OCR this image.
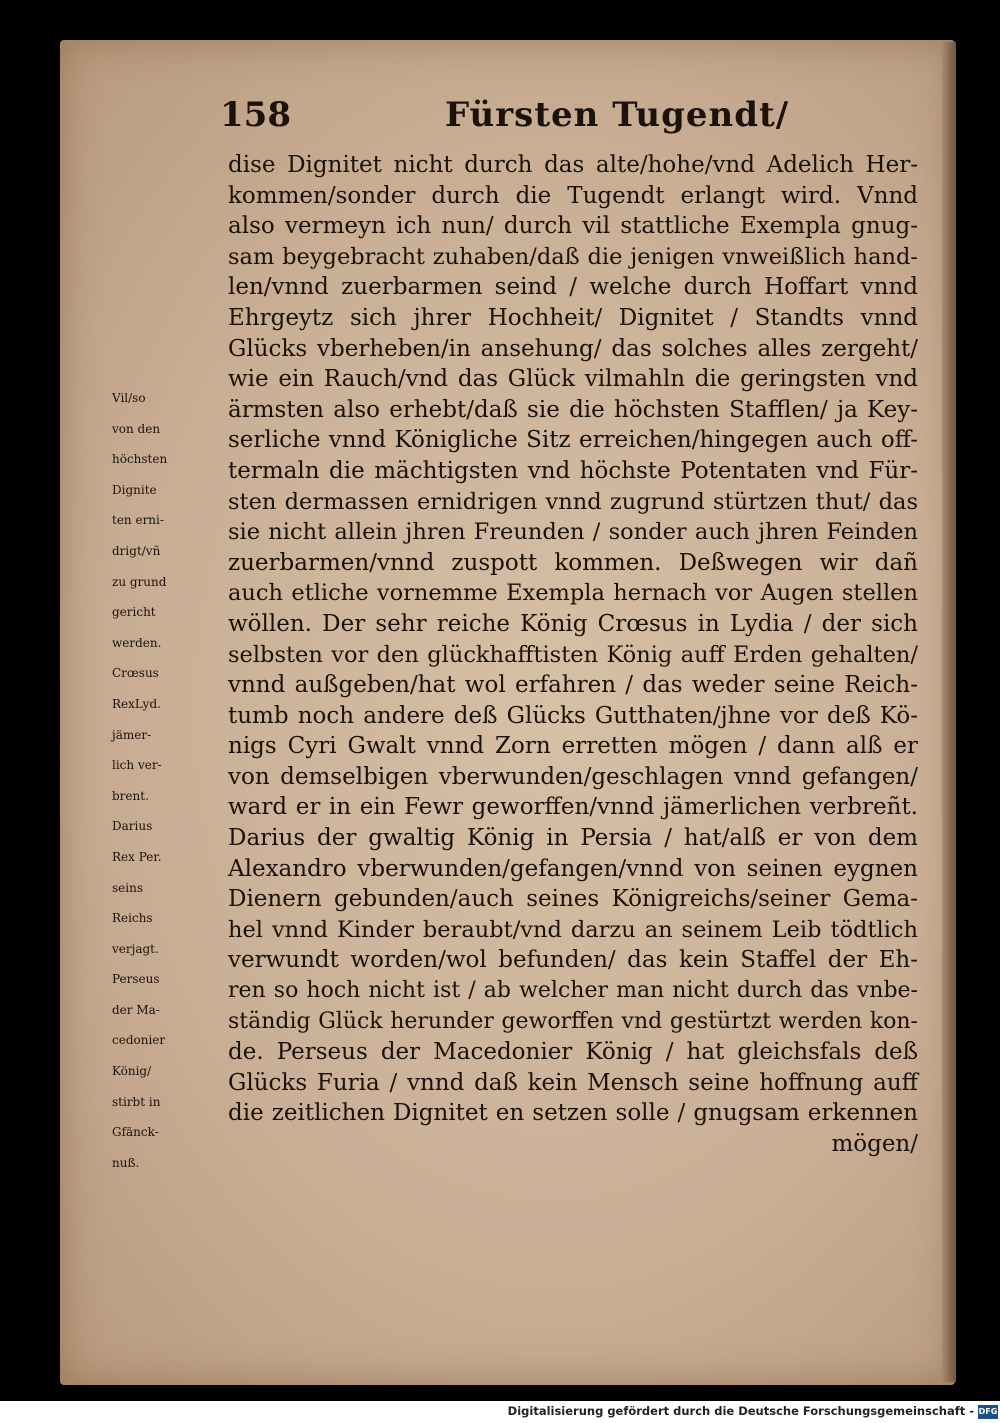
158	Fürsten Tugendt/
dise Dignitet nicht durch das alte/hohe/vnd Adelich Her-
kommen/sonder durch die Tugendt erlangt wird. Vnnd
also vermeyn ich nun/ durch vil stattliche Exempla gnug-
sam beygebracht zuhaben/daß die jenigen vnweißlich hand-
len/vnnd zuerbarmen seind / welche durch Hoffart vnnd
Ehrgeytz sich jhrer Hochheit/ Dignitet / Standts vnnd
Glücks vberheben/in ansehung/ das solches alles zergeht/
wie ein Rauch/vnd das Glück vilmahln die geringsten vnd
ärmsten also erhebt/daß sie die höchsten Stafflen/ ja Key-
serliche vnnd Königliche Sitz erreichen/hingegen auch off-
termaln die mächtigsten vnd höchste Potentaten vnd Für-
sten dermassen ernidrigen vnnd zugrund stürtzen thut/ das
sie nicht allein jhren Freunden / sonder auch jhren Feinden
zuerbarmen/vnnd zuspott kommen. Deßwegen wir dañ
auch etliche vornemme Exempla hernach vor Augen stellen
wöllen. Der sehr reiche König Crœsus in Lydia / der sich
selbsten vor den glückhafftisten König auff Erden gehalten/
vnnd außgeben/hat wol erfahren / das weder seine Reich-
tumb noch andere deß Glücks Gutthaten/jhne vor deß Kö-
nigs Cyri Gwalt vnnd Zorn erretten mögen / dann alß er
von demselbigen vberwunden/geschlagen vnnd gefangen/
ward er in ein Fewr geworffen/vnnd jämerlichen verbreñt.
Darius der gwaltig König in Persia / hat/alß er von dem
Alexandro vberwunden/gefangen/vnnd von seinen eygnen
Dienern gebunden/auch seines Königreichs/seiner Gema-
hel vnnd Kinder beraubt/vnd darzu an seinem Leib tödtlich
verwundt worden/wol befunden/ das kein Staffel der Eh-
ren so hoch nicht ist / ab welcher man nicht durch das vnbe-
ständig Glück herunder geworffen vnd gestürtzt werden kon-
de. Perseus der Macedonier König / hat gleichsfals deß
Glücks Furia / vnnd daß kein Mensch seine hoffnung auff
die zeitlichen Dignitet en setzen solle / gnugsam erkennen
mögen/
Vil/so
von den
höchsten
Dignite
ten erni-
drigt/vñ
zu grund
gericht
werden.
Crœsus
RexLyd.
jämer-
lich ver-
brent.
Darius
Rex Per.
seins
Reichs
verjagt.
Perseus
der Ma-
cedonier
König/
stirbt in
Gfänck-
nuß.
Digitalisierung gefördert durch die Deutsche Forschungsgemeinschaft - DFG
